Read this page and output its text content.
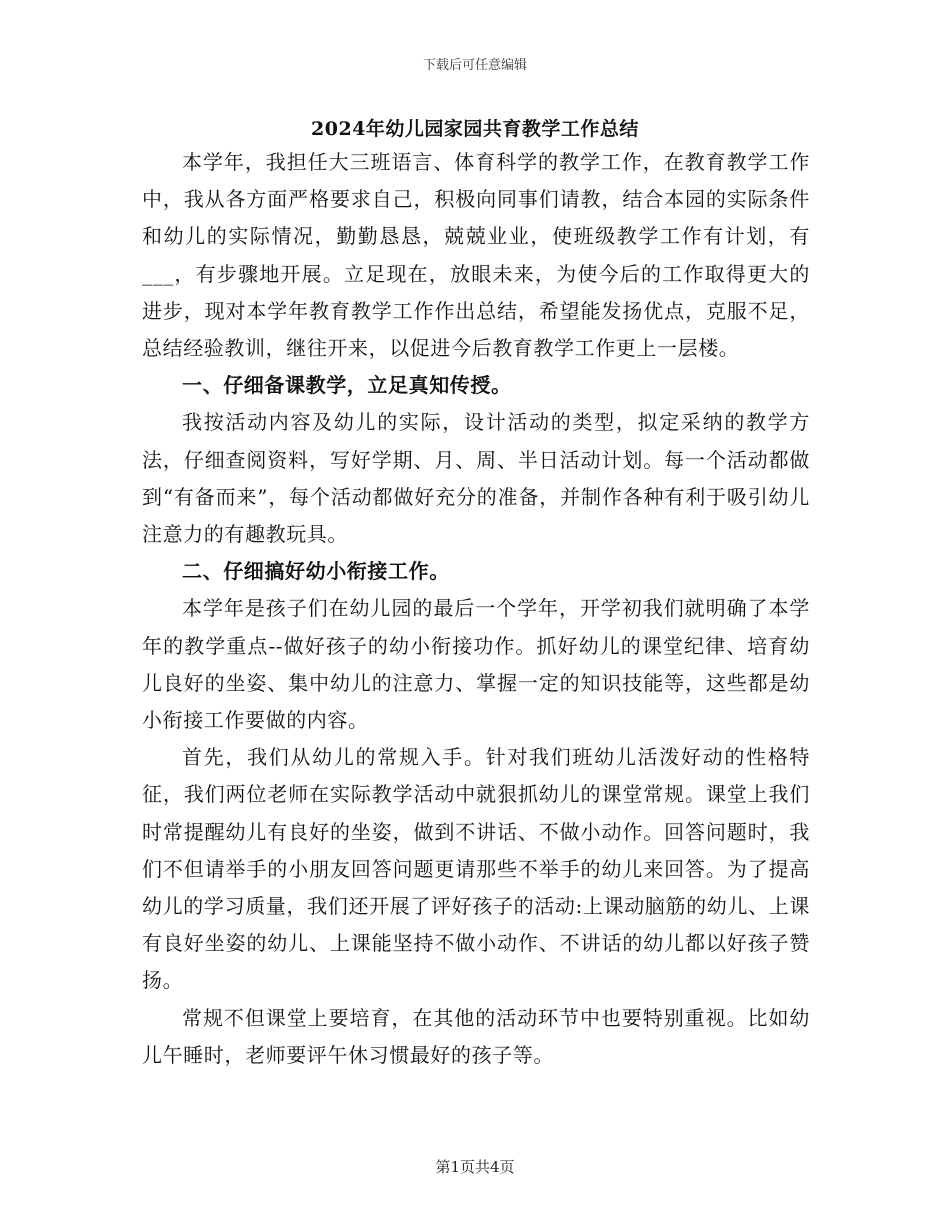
下载后可任意编辑
2024年幼儿园家园共育教学工作总结

本学年，我担任大三班语言、体育科学的教学工作，在教育教学工作中，我从各方面严格要求自己，积极向同事们请教，结合本园的实际条件和幼儿的实际情况，勤勤恳恳，兢兢业业，使班级教学工作有计划，有___，有步骤地开展。立足现在，放眼未来，为使今后的工作取得更大的进步，现对本学年教育教学工作作出总结，希望能发扬优点，克服不足，总结经验教训，继往开来，以促进今后教育教学工作更上一层楼。

一、仔细备课教学，立足真知传授。

我按活动内容及幼儿的实际，设计活动的类型，拟定采纳的教学方法，仔细查阅资料，写好学期、月、周、半日活动计划。每一个活动都做到“有备而来”，每个活动都做好充分的准备，并制作各种有利于吸引幼儿注意力的有趣教玩具。

二、仔细搞好幼小衔接工作。

本学年是孩子们在幼儿园的最后一个学年，开学初我们就明确了本学年的教学重点--做好孩子的幼小衔接功作。抓好幼儿的课堂纪律、培育幼儿良好的坐姿、集中幼儿的注意力、掌握一定的知识技能等，这些都是幼小衔接工作要做的内容。

首先，我们从幼儿的常规入手。针对我们班幼儿活泼好动的性格特征，我们两位老师在实际教学活动中就狠抓幼儿的课堂常规。课堂上我们时常提醒幼儿有良好的坐姿，做到不讲话、不做小动作。回答问题时，我们不但请举手的小朋友回答问题更请那些不举手的幼儿来回答。为了提高幼儿的学习质量，我们还开展了评好孩子的活动:上课动脑筋的幼儿、上课有良好坐姿的幼儿、上课能坚持不做小动作、不讲话的幼儿都以好孩子赞扬。

常规不但课堂上要培育，在其他的活动环节中也要特别重视。比如幼儿午睡时，老师要评午休习惯最好的孩子等。

第1页共4页
